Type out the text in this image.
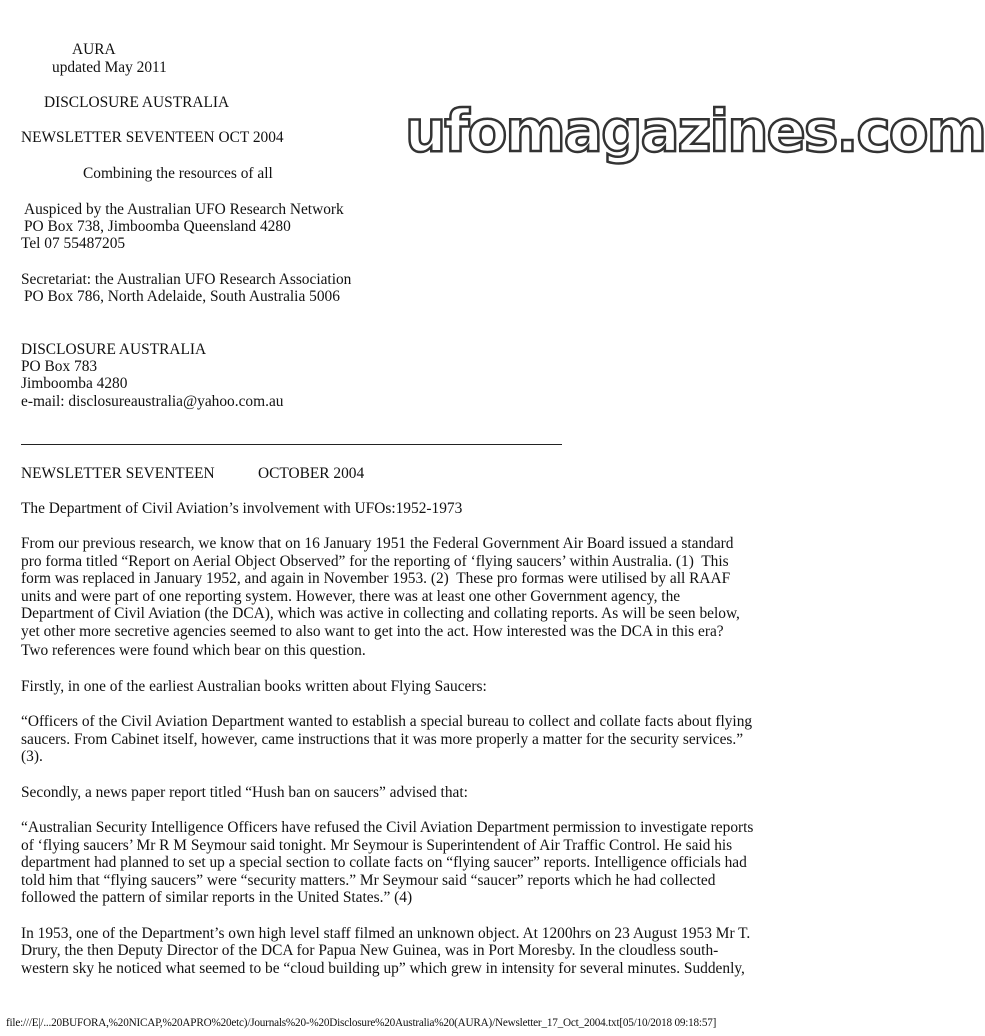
AURA
updated May 2011
DISCLOSURE AUSTRALIA
NEWSLETTER SEVENTEEN OCT 2004
Combining the resources of all
Auspiced by the Australian UFO Research Network
PO Box 738, Jimboomba Queensland 4280
Tel 07 55487205
Secretariat: the Australian UFO Research Association
PO Box 786, North Adelaide, South Australia 5006
DISCLOSURE AUSTRALIA
PO Box 783
Jimboomba 4280
e-mail: disclosureaustralia@yahoo.com.au
NEWSLETTER SEVENTEEN	OCTOBER 2004
The Department of Civil Aviation’s involvement with UFOs:1952-1973
From our previous research, we know that on 16 January 1951 the Federal Government Air Board issued a standard
pro forma titled “Report on Aerial Object Observed” for the reporting of ‘flying saucers’ within Australia. (1)  This
form was replaced in January 1952, and again in November 1953. (2)  These pro formas were utilised by all RAAF
units and were part of one reporting system. However, there was at least one other Government agency, the
Department of Civil Aviation (the DCA), which was active in collecting and collating reports. As will be seen below,
yet other more secretive agencies seemed to also want to get into the act. How interested was the DCA in this era?
Two references were found which bear on this question.
Firstly, in one of the earliest Australian books written about Flying Saucers:
“Officers of the Civil Aviation Department wanted to establish a special bureau to collect and collate facts about flying
saucers. From Cabinet itself, however, came instructions that it was more properly a matter for the security services.”
(3).
Secondly, a news paper report titled “Hush ban on saucers” advised that:
“Australian Security Intelligence Officers have refused the Civil Aviation Department permission to investigate reports
of ‘flying saucers’ Mr R M Seymour said tonight. Mr Seymour is Superintendent of Air Traffic Control. He said his
department had planned to set up a special section to collate facts on “flying saucer” reports. Intelligence officials had
told him that “flying saucers” were “security matters.” Mr Seymour said “saucer” reports which he had collected
followed the pattern of similar reports in the United States.” (4)
In 1953, one of the Department’s own high level staff filmed an unknown object. At 1200hrs on 23 August 1953 Mr T.
Drury, the then Deputy Director of the DCA for Papua New Guinea, was in Port Moresby. In the cloudless south-
western sky he noticed what seemed to be “cloud building up” which grew in intensity for several minutes. Suddenly,
ufomagazines.com
file:///E|/...20BUFORA,%20NICAP,%20APRO%20etc)/Journals%20-%20Disclosure%20Australia%20(AURA)/Newsletter_17_Oct_2004.txt[05/10/2018 09:18:57]
